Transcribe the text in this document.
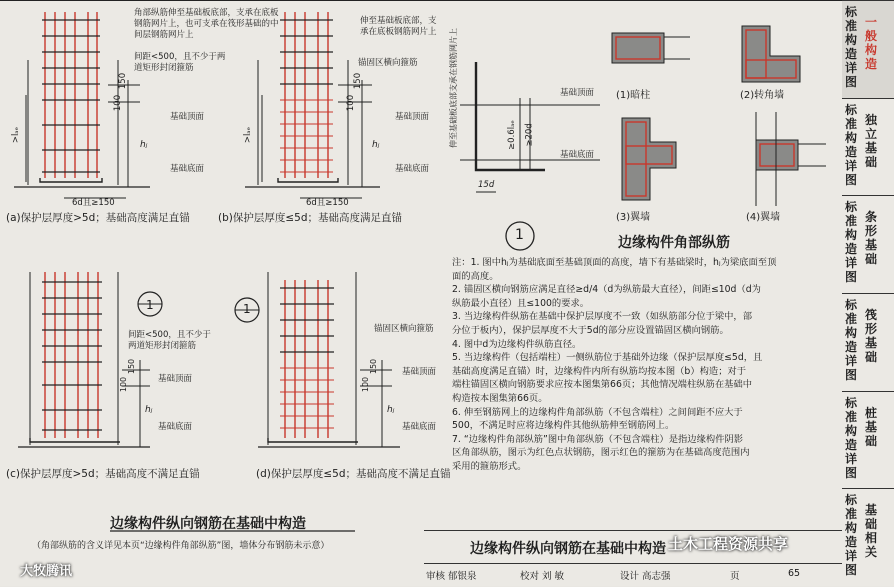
角部纵筋伸至基础板底部，支承在底板钢筋网片上，也可支承在筏形基础的中间层钢筋网片上
间距<500，且不少于两道矩形封闭箍筋
基础顶面
基础底面
150
100
>lₐₑ
hⱼ
6d且≥150
(a)保护层厚度>5d；基础高度满足直锚
伸至基础板底部，支承在底板钢筋网片上
锚固区横向箍筋
基础顶面
基础底面
150
100
>lₐₑ
hⱼ
6d且≥150
(b)保护层厚度≤5d；基础高度满足直锚
伸至基础板底部支承在钢筋网片上	基础顶面
基础底面
≥0.6lₐₑ ≥20d
15d
1
(1)暗柱	(2)转角墙
(3)翼墙	(4)翼墙
边缘构件角部纵筋
1
间距<500，且不少于两道矩形封闭箍筋
基础顶面
基础底面
150
100
hⱼ
(c)保护层厚度>5d；基础高度不满足直锚
1
锚固区横向箍筋
基础顶面
基础底面
150
100
hⱼ
(d)保护层厚度≤5d；基础高度不满足直锚
注：1. 图中hⱼ为基础底面至基础顶面的高度，墙下有基础梁时，hⱼ为梁底面至顶
面的高度。
2. 锚固区横向钢筋应满足直径≥d/4（d为纵筋最大直径），间距≤10d（d为
纵筋最小直径）且≤100的要求。
3. 当边缘构件纵筋在基础中保护层厚度不一致（如纵筋部分位于梁中，部
分位于板内），保护层厚度不大于5d的部分应设置锚固区横向钢筋。
4. 图中d为边缘构件纵筋直径。
5. 当边缘构件（包括端柱）一侧纵筋位于基础外边缘（保护层厚度≤5d，且
基础高度满足直锚）时，边缘构件内所有纵筋均按本图（b）构造；对于
端柱锚固区横向钢筋要求应按本图集第66页；其他情况端柱纵筋在基础中
构造按本图集第66页。
6. 伸至钢筋网上的边缘构件角部纵筋（不包含端柱）之间间距不应大于
500，不满足时应将边缘构件其他纵筋伸至钢筋网上。
7. “边缘构件角部纵筋”图中角部纵筋（不包含端柱）是指边缘构件阴影
区角部纵筋，图示为红色点状钢筋，图示红色的箍筋为在基础高度范围内
采用的箍筋形式。
边缘构件纵向钢筋在基础中构造
（角部纵筋的含义详见本页“边缘构件角部纵筋”图，墙体分布钢筋未示意）	边缘构件纵向钢筋在基础中构造
审核 郁银泉	校对 刘 敏	设计 高志强	页	65
大牧腾讯
土木工程资源共享
标准构造详图
一般构造
标准构造详图
独立基础
标准构造详图
条形基础
标准构造详图
筏形基础
标准构造详图
桩基础
标准构造详图
基础相关
